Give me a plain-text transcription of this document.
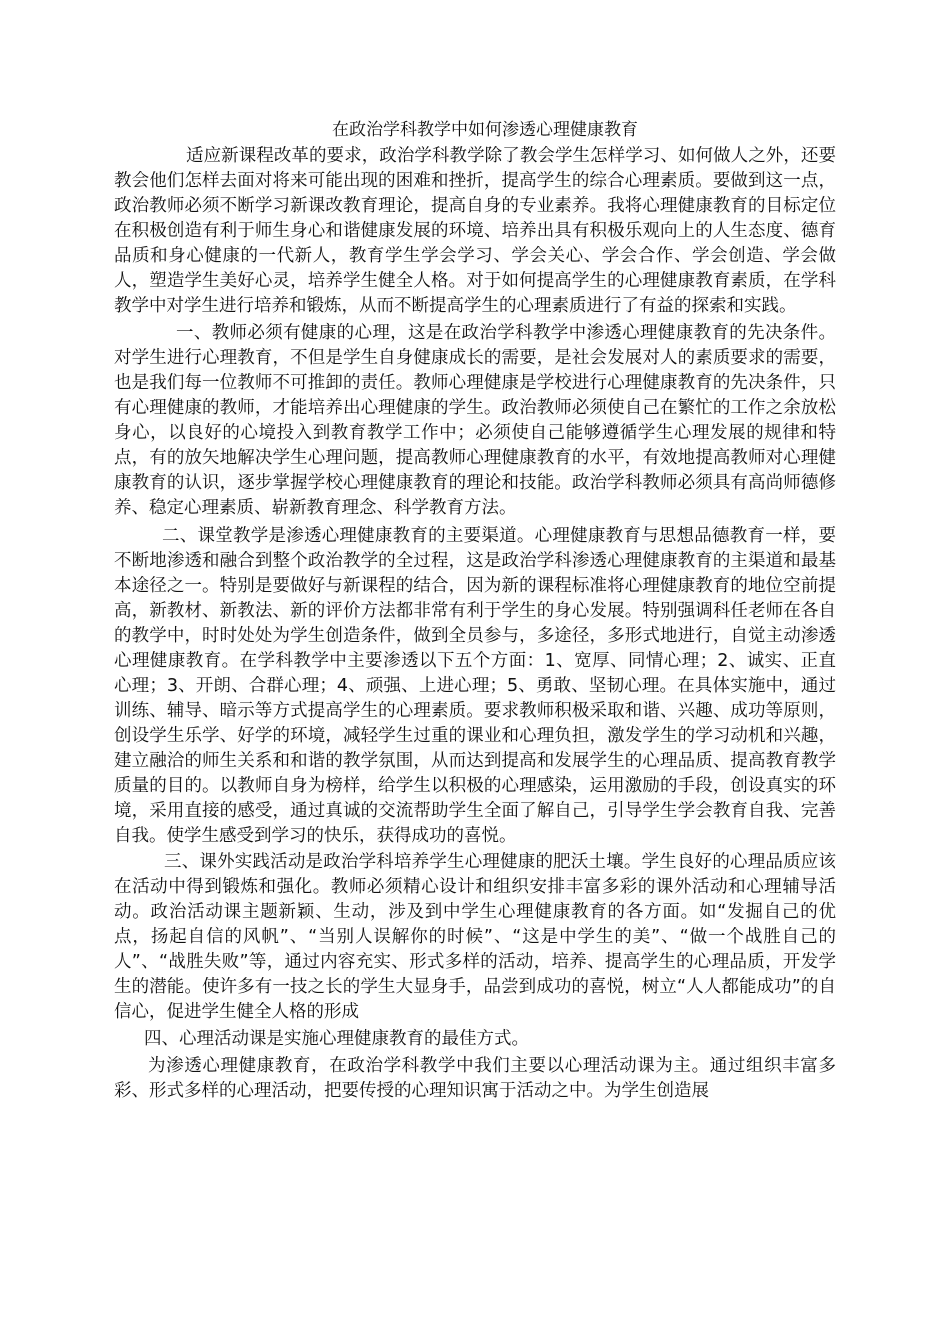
在政治学科教学中如何渗透心理健康教育

适应新课程改革的要求，政治学科教学除了教会学生怎样学习、如何做人之外，还要教会他们怎样去面对将来可能出现的困难和挫折，提高学生的综合心理素质。要做到这一点，政治教师必须不断学习新课改教育理论，提高自身的专业素养。我将心理健康教育的目标定位在积极创造有利于师生身心和谐健康发展的环境、培养出具有积极乐观向上的人生态度、德育品质和身心健康的一代新人，教育学生学会学习、学会关心、学会合作、学会创造、学会做人，塑造学生美好心灵，培养学生健全人格。对于如何提高学生的心理健康教育素质，在学科教学中对学生进行培养和锻炼，从而不断提高学生的心理素质进行了有益的探索和实践。

一、教师必须有健康的心理，这是在政治学科教学中渗透心理健康教育的先决条件。对学生进行心理教育，不但是学生自身健康成长的需要，是社会发展对人的素质要求的需要，也是我们每一位教师不可推卸的责任。教师心理健康是学校进行心理健康教育的先决条件，只有心理健康的教师，才能培养出心理健康的学生。政治教师必须使自己在繁忙的工作之余放松身心，以良好的心境投入到教育教学工作中；必须使自己能够遵循学生心理发展的规律和特点，有的放矢地解决学生心理问题，提高教师心理健康教育的水平，有效地提高教师对心理健康教育的认识，逐步掌握学校心理健康教育的理论和技能。政治学科教师必须具有高尚师德修养、稳定心理素质、崭新教育理念、科学教育方法。

二、课堂教学是渗透心理健康教育的主要渠道。心理健康教育与思想品德教育一样，要不断地渗透和融合到整个政治教学的全过程，这是政治学科渗透心理健康教育的主渠道和最基本途径之一。特别是要做好与新课程的结合，因为新的课程标准将心理健康教育的地位空前提高，新教材、新教法、新的评价方法都非常有利于学生的身心发展。特别强调科任老师在各自的教学中，时时处处为学生创造条件，做到全员参与，多途径，多形式地进行，自觉主动渗透心理健康教育。在学科教学中主要渗透以下五个方面：1、宽厚、同情心理；2、诚实、正直心理；3、开朗、合群心理；4、顽强、上进心理；5、勇敢、坚韧心理。在具体实施中，通过训练、辅导、暗示等方式提高学生的心理素质。要求教师积极采取和谐、兴趣、成功等原则，创设学生乐学、好学的环境，减轻学生过重的课业和心理负担，激发学生的学习动机和兴趣，建立融洽的师生关系和和谐的教学氛围，从而达到提高和发展学生的心理品质、提高教育教学质量的目的。以教师自身为榜样，给学生以积极的心理感染，运用激励的手段，创设真实的环境，采用直接的感受，通过真诚的交流帮助学生全面了解自己，引导学生学会教育自我、完善自我。使学生感受到学习的快乐，获得成功的喜悦。

三、课外实践活动是政治学科培养学生心理健康的肥沃土壤。学生良好的心理品质应该在活动中得到锻炼和强化。教师必须精心设计和组织安排丰富多彩的课外活动和心理辅导活动。政治活动课主题新颖、生动，涉及到中学生心理健康教育的各方面。如“发掘自己的优点，扬起自信的风帆”、“当别人误解你的时候”、“这是中学生的美”、“做一个战胜自己的人”、“战胜失败”等，通过内容充实、形式多样的活动，培养、提高学生的心理品质，开发学生的潜能。使许多有一技之长的学生大显身手，品尝到成功的喜悦，树立“人人都能成功”的自信心，促进学生健全人格的形成

四、心理活动课是实施心理健康教育的最佳方式。

为渗透心理健康教育，在政治学科教学中我们主要以心理活动课为主。通过组织丰富多彩、形式多样的心理活动，把要传授的心理知识寓于活动之中。为学生创造展
